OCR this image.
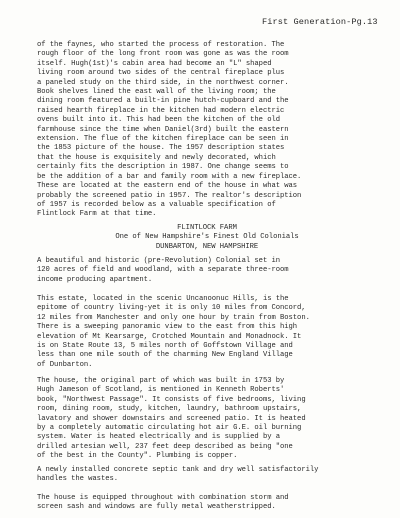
First Generation-Pg.13
of the faynes, who started the process of restoration. The
rough floor of the long front room was gone as was the room
itself. Hugh(1st)'s cabin area had become an "L" shaped
living room around two sides of the central fireplace plus
a paneled study on the third side, in the northwest corner.
Book shelves lined the east wall of the living room; the
dining room featured a built-in pine hutch-cupboard and the
raised hearth fireplace in the kitchen had modern electric
ovens built into it. This had been the kitchen of the old
farmhouse since the time when Daniel(3rd) built the eastern
extension. The flue of the kitchen fireplace can be seen in
the 1853 picture of the house. The 1957 description states
that the house is exquisitely and newly decorated, which
certainly fits the description in 1987. One change seems to
be the addition of a bar and family room with a new fireplace.
These are located at the eastern end of the house in what was
probably the screened patio in 1957. The realtor's description
of 1957 is recorded below as a valuable specification of
Flintlock Farm at that time.
FLINTLOCK FARM
One of New Hampshire's Finest Old Colonials
DUNBARTON, NEW HAMPSHIRE
A beautiful and historic (pre-Revolution) Colonial set in
120 acres of field and woodland, with a separate three-room
income producing apartment.
This estate, located in the scenic Uncanoonuc Hills, is the
epitome of country living-yet it is only 10 miles from Concord,
12 miles from Manchester and only one hour by train from Boston.
There is a sweeping panoramic view to the east from this high
elevation of Mt Kearsarge, Crotched Mountain and Monadnock. It
is on State Route 13, 5 miles north of Goffstown Village and
less than one mile south of the charming New England Village
of Dunbarton.
The house, the original part of which was built in 1753 by
Hugh Jameson of Scotland, is mentioned in Kenneth Roberts'
book, "Northwest Passage". It consists of five bedrooms, living
room, dining room, study, kitchen, laundry, bathroom upstairs,
lavatory and shower downstairs and screened patio. It is heated
by a completely automatic circulating hot air G.E. oil burning
system. Water is heated electrically and is supplied by a
drilled artesian well, 237 feet deep described as being "one
of the best in the County". Plumbing is copper.
A newly installed concrete septic tank and dry well satisfactorily
handles the wastes.
The house is equipped throughout with combination storm and
screen sash and windows are fully metal weatherstripped.
